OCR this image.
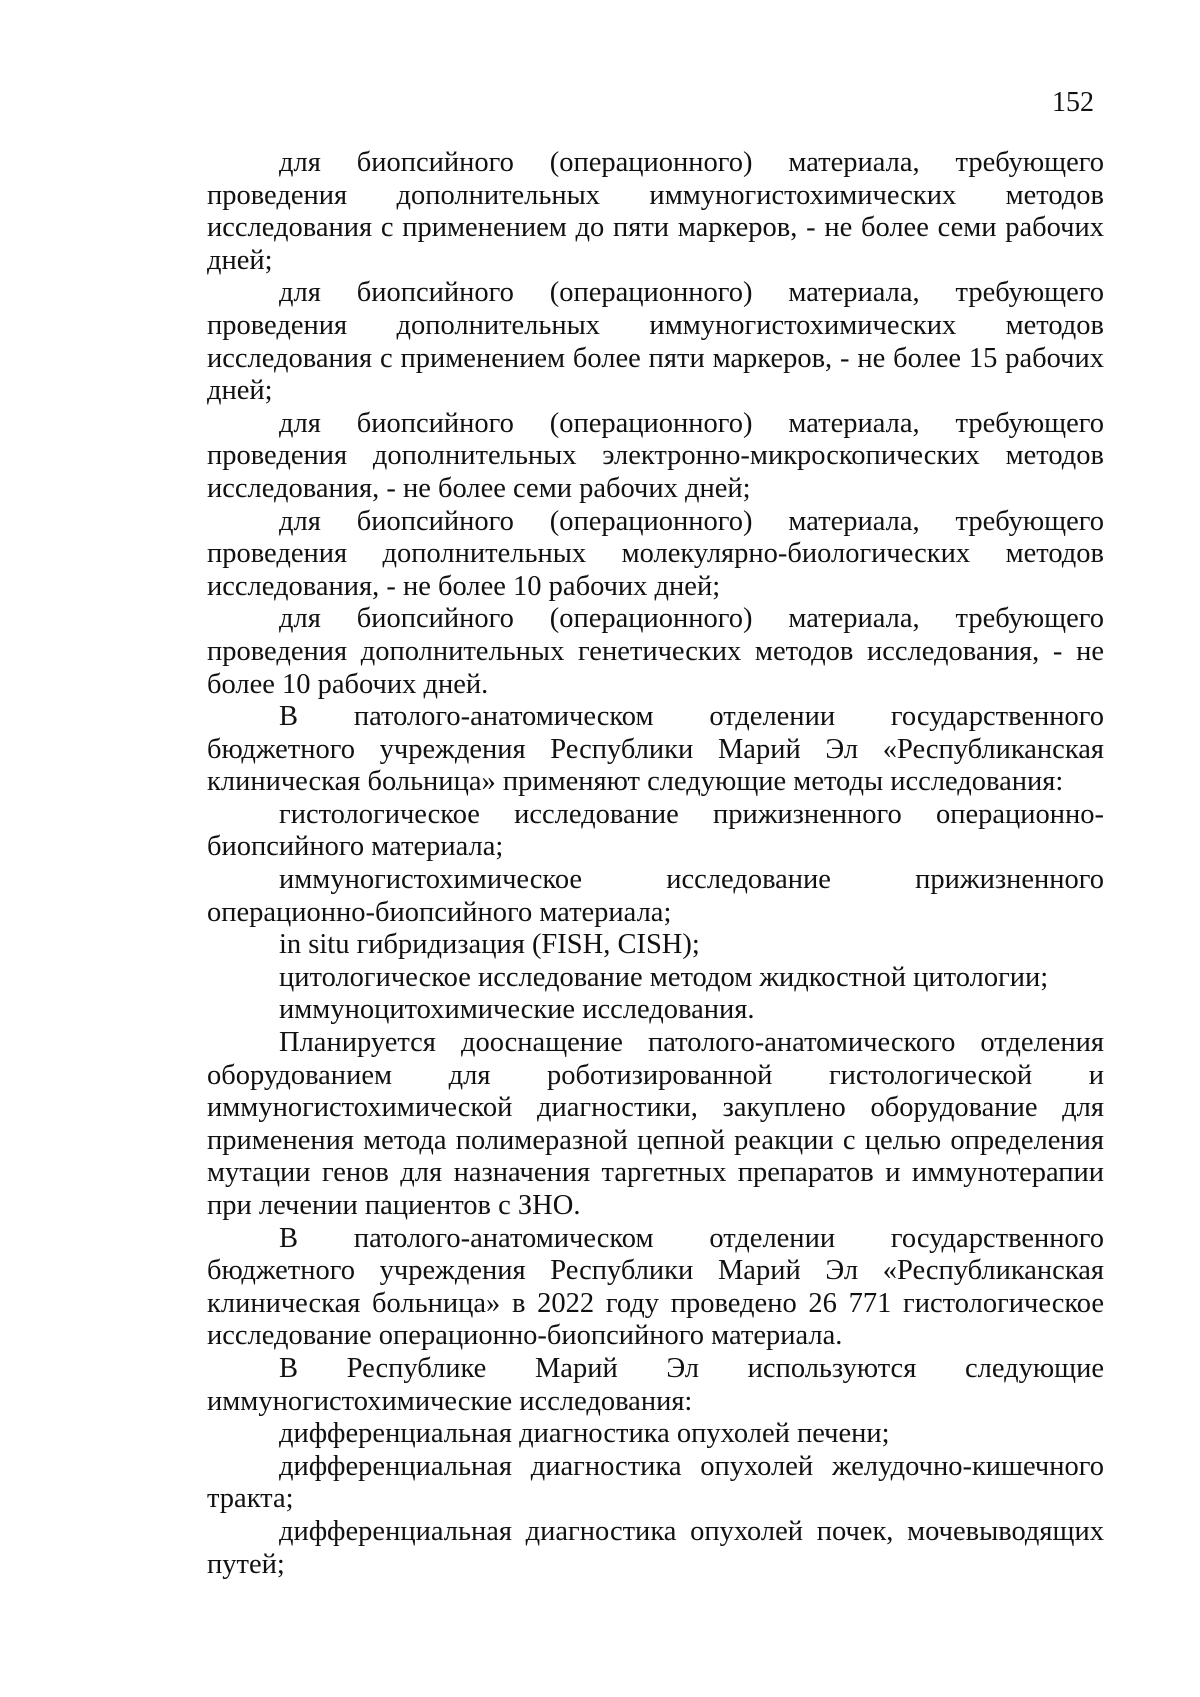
152

для биопсийного (операционного) материала, требующего проведения дополнительных иммуногистохимических методов исследования с применением до пяти маркеров, - не более семи рабочих дней;

для биопсийного (операционного) материала, требующего проведения дополнительных иммуногистохимических методов исследования с применением более пяти маркеров, - не более 15 рабочих дней;

для биопсийного (операционного) материала, требующего проведения дополнительных электронно-микроскопических методов исследования, - не более семи рабочих дней;

для биопсийного (операционного) материала, требующего проведения дополнительных молекулярно-биологических методов исследования, - не более 10 рабочих дней;

для биопсийного (операционного) материала, требующего проведения дополнительных генетических методов исследования, - не более 10 рабочих дней.

В патолого-анатомическом отделении государственного бюджетного учреждения Республики Марий Эл «Республиканская клиническая больница» применяют следующие методы исследования:

гистологическое исследование прижизненного операционно-биопсийного материала;

иммуногистохимическое исследование прижизненного операционно-биопсийного материала;

in situ гибридизация (FISH, CISH);

цитологическое исследование методом жидкостной цитологии;

иммуноцитохимические исследования.

Планируется дооснащение патолого-анатомического отделения оборудованием для роботизированной гистологической и иммуногистохимической диагностики, закуплено оборудование для применения метода полимеразной цепной реакции с целью определения мутации генов для назначения таргетных препаратов и иммунотерапии при лечении пациентов с ЗНО.

В патолого-анатомическом отделении государственного бюджетного учреждения Республики Марий Эл «Республиканская клиническая больница» в 2022 году проведено 26 771 гистологическое исследование операционно-биопсийного материала.

В Республике Марий Эл используются следующие иммуногистохимические исследования:

дифференциальная диагностика опухолей печени;

дифференциальная диагностика опухолей желудочно-кишечного тракта;

дифференциальная диагностика опухолей почек, мочевыводящих путей;
